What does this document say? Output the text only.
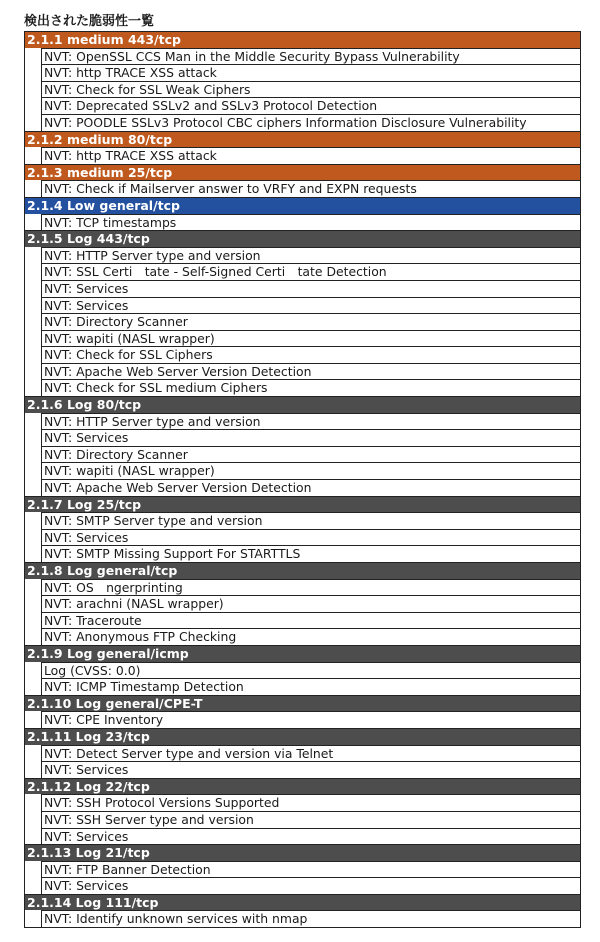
検出された脆弱性一覧
2.1.1 medium 443/tcp
NVT: OpenSSL CCS Man in the Middle Security Bypass Vulnerability
NVT: http TRACE XSS attack
NVT: Check for SSL Weak Ciphers
NVT: Deprecated SSLv2 and SSLv3 Protocol Detection
NVT: POODLE SSLv3 Protocol CBC ciphers Information Disclosure Vulnerability
2.1.2 medium 80/tcp
NVT: http TRACE XSS attack
2.1.3 medium 25/tcp
NVT: Check if Mailserver answer to VRFY and EXPN requests
2.1.4 Low general/tcp
NVT: TCP timestamps
2.1.5 Log 443/tcp
NVT: HTTP Server type and version
NVT: SSL Certi　tate - Self-Signed Certi　tate Detection
NVT: Services
NVT: Services
NVT: Directory Scanner
NVT: wapiti (NASL wrapper)
NVT: Check for SSL Ciphers
NVT: Apache Web Server Version Detection
NVT: Check for SSL medium Ciphers
2.1.6 Log 80/tcp
NVT: HTTP Server type and version
NVT: Services
NVT: Directory Scanner
NVT: wapiti (NASL wrapper)
NVT: Apache Web Server Version Detection
2.1.7 Log 25/tcp
NVT: SMTP Server type and version
NVT: Services
NVT: SMTP Missing Support For STARTTLS
2.1.8 Log general/tcp
NVT: OS　ngerprinting
NVT: arachni (NASL wrapper)
NVT: Traceroute
NVT: Anonymous FTP Checking
2.1.9 Log general/icmp
Log (CVSS: 0.0)
NVT: ICMP Timestamp Detection
2.1.10 Log general/CPE-T
NVT: CPE Inventory
2.1.11 Log 23/tcp
NVT: Detect Server type and version via Telnet
NVT: Services
2.1.12 Log 22/tcp
NVT: SSH Protocol Versions Supported
NVT: SSH Server type and version
NVT: Services
2.1.13 Log 21/tcp
NVT: FTP Banner Detection
NVT: Services
2.1.14 Log 111/tcp
NVT: Identify unknown services with nmap
